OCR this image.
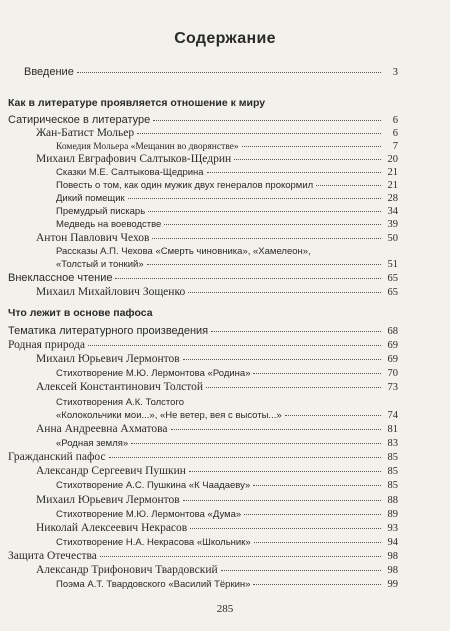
Содержание
Введение	3
Как в литературе проявляется отношение к миру
Сатирическое в литературе	6
Жан-Батист Мольер	6
Комедия Мольера «Мещанин во дворянстве»	7
Михаил Евграфович Салтыков-Щедрин	20
Сказки М.Е. Салтыкова-Щедрина	21
Повесть о том, как один мужик двух генералов прокормил	21
Дикий помещик	28
Премудрый пискарь	34
Медведь на воеводстве	39
Антон Павлович Чехов	50
Рассказы А.П. Чехова «Смерть чиновника», «Хамелеон»,
«Толстый и тонкий»	51
Внеклассное чтение	65
Михаил Михайлович Зощенко	65
Что лежит в основе пафоса
Тематика литературного произведения	68
Родная природа	69
Михаил Юрьевич Лермонтов	69
Стихотворение М.Ю. Лермонтова «Родина»	70
Алексей Константинович Толстой	73
Стихотворения А.К. Толстого
«Колокольчики мои...», «Не ветер, вея с высоты...»	74
Анна Андреевна Ахматова	81
«Родная земля»	83
Гражданский пафос	85
Александр Сергеевич Пушкин	85
Стихотворение А.С. Пушкина «К Чаадаеву»	85
Михаил Юрьевич Лермонтов	88
Стихотворение М.Ю. Лермонтова «Дума»	89
Николай Алексеевич Некрасов	93
Стихотворение Н.А. Некрасова «Школьник»	94
Защита Отечества	98
Александр Трифонович Твардовский	98
Поэма А.Т. Твардовского «Василий Тёркин»	99
285
